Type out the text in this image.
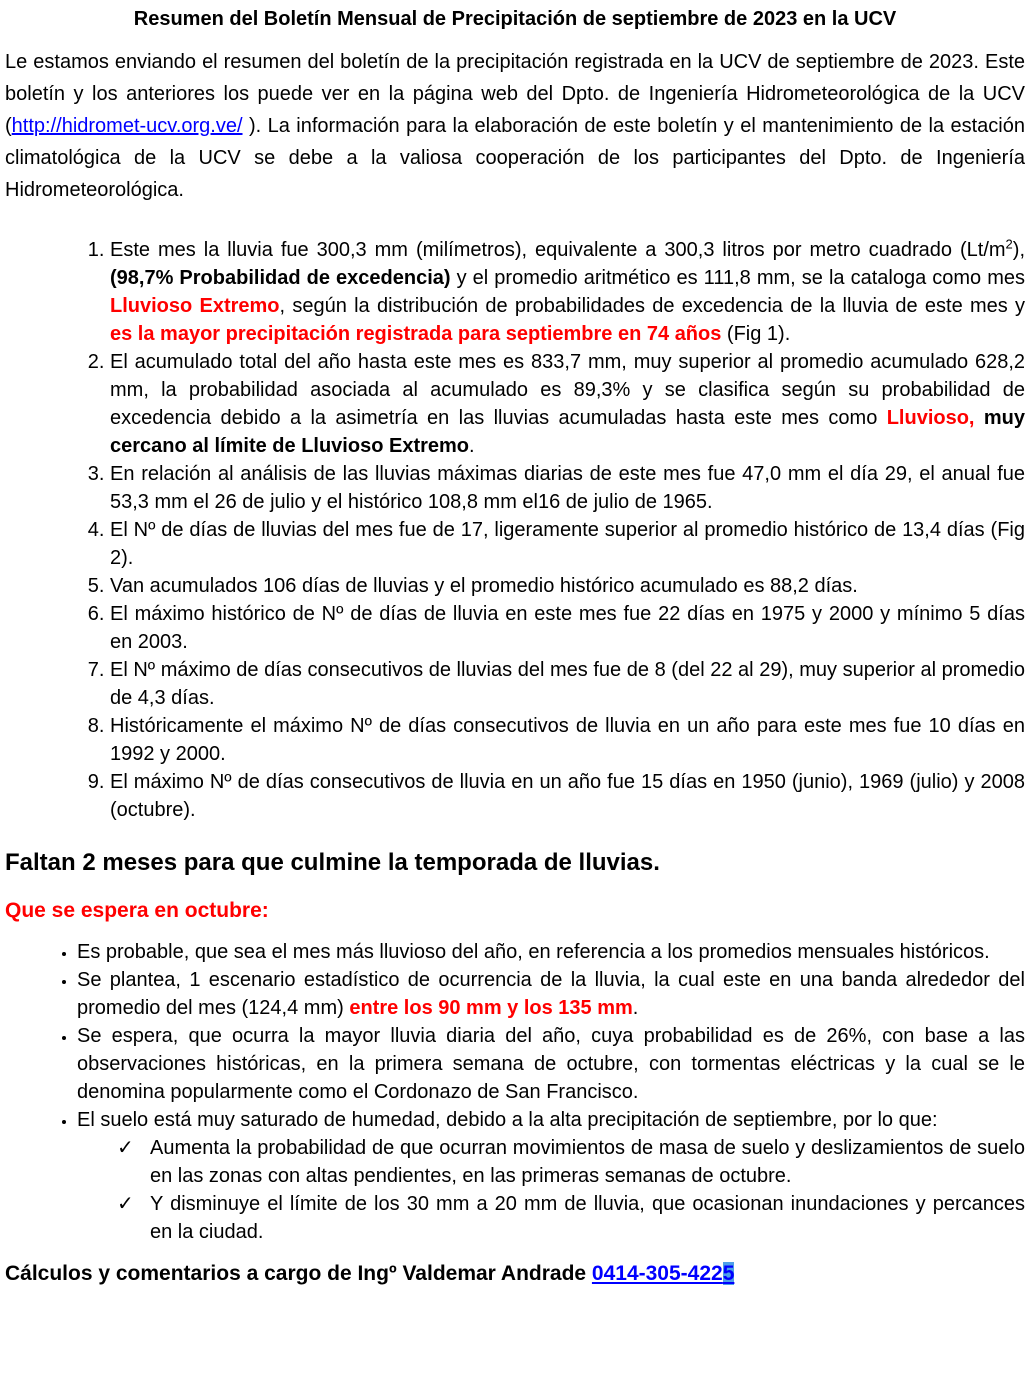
Resumen del Boletín Mensual de Precipitación de septiembre de 2023 en la UCV

Le estamos enviando el resumen del boletín de la precipitación registrada en la UCV de septiembre de 2023. Este boletín y los anteriores los puede ver en la página web del Dpto. de Ingeniería Hidrometeorológica de la UCV (http://hidromet-ucv.org.ve/ ). La información para la elaboración de este boletín y el mantenimiento de la estación climatológica de la UCV se debe a la valiosa cooperación de los participantes del Dpto. de Ingeniería Hidrometeorológica.

1. Este mes la lluvia fue 300,3 mm (milímetros), equivalente a 300,3 litros por metro cuadrado $(Lt/m^2)$, (98,7% Probabilidad de excedencia) y el promedio aritmético es 111,8 mm, se la cataloga como mes Lluvioso Extremo, según la distribución de probabilidades de excedencia de la lluvia de este mes y es la mayor precipitación registrada para septiembre en 74 años (Fig 1).
2. El acumulado total del año hasta este mes es 833,7 mm, muy superior al promedio acumulado 628,2 mm, la probabilidad asociada al acumulado es 89,3% y se clasifica según su probabilidad de excedencia debido a la asimetría en las lluvias acumuladas hasta este mes como Lluvioso, muy cercano al límite de Lluvioso Extremo.
3. En relación al análisis de las lluvias máximas diarias de este mes fue 47,0 mm el día 29, el anual fue 53,3 mm el 26 de julio y el histórico 108,8 mm el16 de julio de 1965.
4. El Nº de días de lluvias del mes fue de 17, ligeramente superior al promedio histórico de 13,4 días (Fig 2).
5. Van acumulados 106 días de lluvias y el promedio histórico acumulado es 88,2 días.
6. El máximo histórico de Nº de días de lluvia en este mes fue 22 días en 1975 y 2000 y mínimo 5 días en 2003.
7. El Nº máximo de días consecutivos de lluvias del mes fue de 8 (del 22 al 29), muy superior al promedio de 4,3 días.
8. Históricamente el máximo Nº de días consecutivos de lluvia en un año para este mes fue 10 días en 1992 y 2000.
9. El máximo Nº de días consecutivos de lluvia en un año fue 15 días en 1950 (junio), 1969 (julio) y 2008 (octubre).
Faltan 2 meses para que culmine la temporada de lluvias.
Que se espera en octubre:
• Es probable, que sea el mes más lluvioso del año, en referencia a los promedios mensuales históricos.
• Se plantea, 1 escenario estadístico de ocurrencia de la lluvia, la cual este en una banda alrededor del promedio del mes (124,4 mm) entre los 90 mm y los 135 mm.
• Se espera, que ocurra la mayor lluvia diaria del año, cuya probabilidad es de 26%, con base a las observaciones históricas, en la primera semana de octubre, con tormentas eléctricas y la cual se le denomina popularmente como el Cordonazo de San Francisco.
• El suelo está muy saturado de humedad, debido a la alta precipitación de septiembre, por lo que:
✓ Aumenta la probabilidad de que ocurran movimientos de masa de suelo y deslizamientos de suelo en las zonas con altas pendientes, en las primeras semanas de octubre.
✓ Y disminuye el límite de los 30 mm a 20 mm de lluvia, que ocasionan inundaciones y percances en la ciudad.

Cálculos y comentarios a cargo de Ingº Valdemar Andrade 0414-305-4225
